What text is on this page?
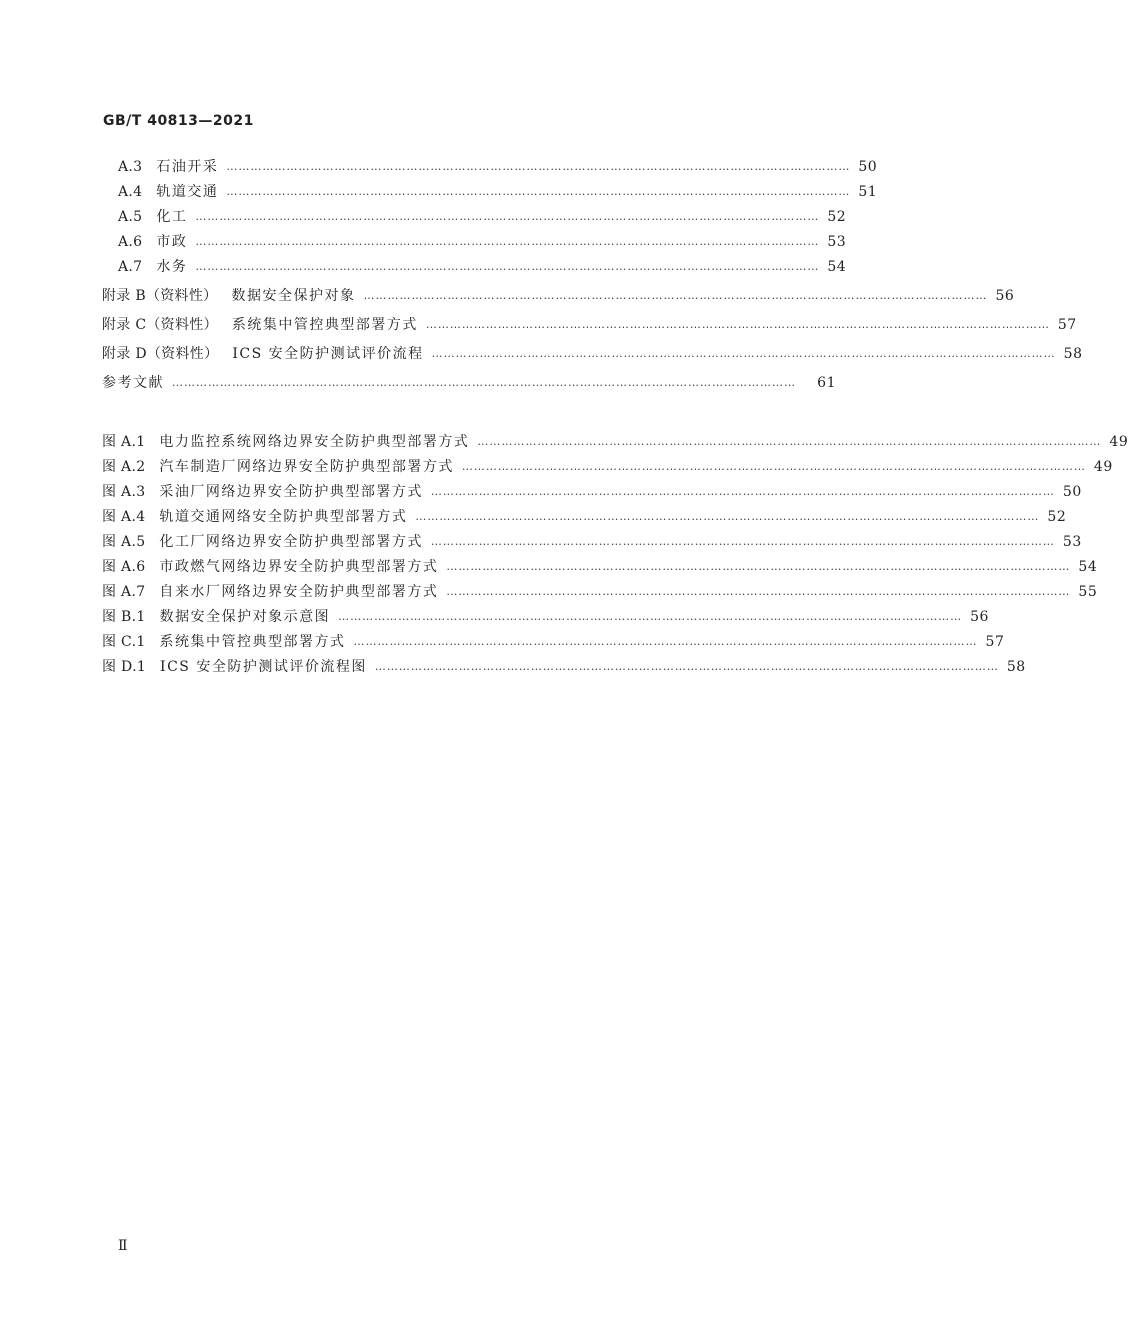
GB/T 40813—2021
A.3 石油开采 ………………………………………………………………………………………………………………………………………… 50
A.4 轨道交通 ………………………………………………………………………………………………………………………………………… 51
A.5 化工 ………………………………………………………………………………………………………………………………………… 52
A.6 市政 ………………………………………………………………………………………………………………………………………… 53
A.7 水务 ………………………………………………………………………………………………………………………………………… 54
附录 B（资料性） 数据安全保护对象 ………………………………………………………………………………………………………………………………………… 56
附录 C（资料性） 系统集中管控典型部署方式 ………………………………………………………………………………………………………………………………………… 57
附录 D（资料性） ICS 安全防护测试评价流程 ………………………………………………………………………………………………………………………………………… 58
参考文献 …………………………………………………………………………………………………………………………………………	61
图 A.1 电力监控系统网络边界安全防护典型部署方式 ………………………………………………………………………………………………………………………………………… 49
图 A.2 汽车制造厂网络边界安全防护典型部署方式 ………………………………………………………………………………………………………………………………………… 49
图 A.3 采油厂网络边界安全防护典型部署方式 ………………………………………………………………………………………………………………………………………… 50
图 A.4 轨道交通网络安全防护典型部署方式 ………………………………………………………………………………………………………………………………………… 52
图 A.5 化工厂网络边界安全防护典型部署方式 ………………………………………………………………………………………………………………………………………… 53
图 A.6 市政燃气网络边界安全防护典型部署方式 ………………………………………………………………………………………………………………………………………… 54
图 A.7 自来水厂网络边界安全防护典型部署方式 ………………………………………………………………………………………………………………………………………… 55
图 B.1 数据安全保护对象示意图 ………………………………………………………………………………………………………………………………………… 56
图 C.1 系统集中管控典型部署方式 ………………………………………………………………………………………………………………………………………… 57
图 D.1 ICS 安全防护测试评价流程图 ………………………………………………………………………………………………………………………………………… 58
Ⅱ
